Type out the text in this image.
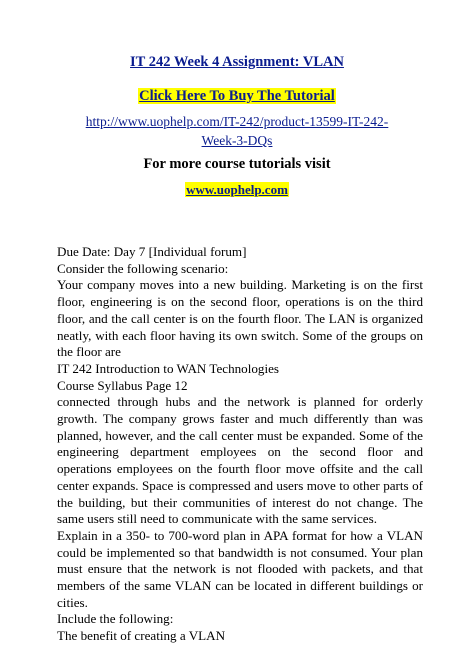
IT 242 Week 4 Assignment: VLAN

Click Here To Buy The Tutorial

http://www.uophelp.com/IT-242/product-13599-IT-242-
Week-3-DQs

For more course tutorials visit

www.uophelp.com

Due Date: Day 7 [Individual forum]

Consider the following scenario:

Your company moves into a new building. Marketing is on the first floor, engineering is on the second floor, operations is on the third floor, and the call center is on the fourth floor. The LAN is organized neatly, with each floor having its own switch. Some of the groups on the floor are

IT 242 Introduction to WAN Technologies

Course Syllabus Page 12

connected through hubs and the network is planned for orderly growth. The company grows faster and much differently than was planned, however, and the call center must be expanded. Some of the engineering department employees on the second floor and operations employees on the fourth floor move offsite and the call center expands. Space is compressed and users move to other parts of the building, but their communities of interest do not change. The same users still need to communicate with the same services.

Explain in a 350- to 700-word plan in APA format for how a VLAN could be implemented so that bandwidth is not consumed. Your plan must ensure that the network is not flooded with packets, and that members of the same VLAN can be located in different buildings or cities.

Include the following:

The benefit of creating a VLAN
